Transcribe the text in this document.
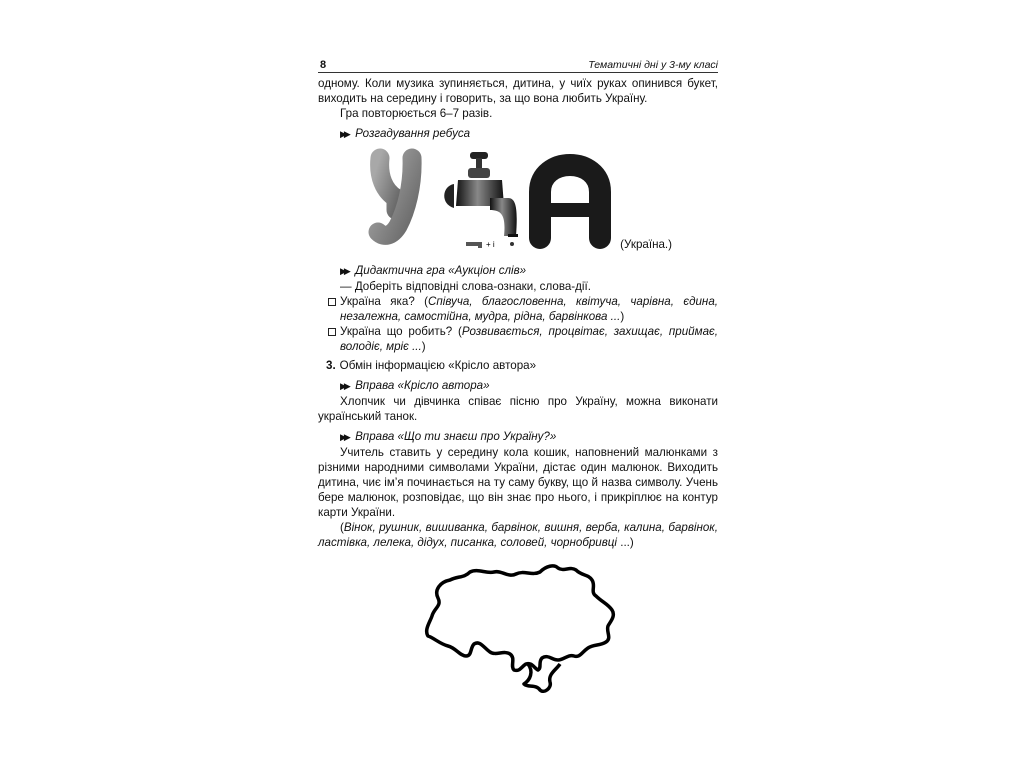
8	Тематичні дні у 3-му класі

одному. Коли музика зупиняється, дитина, у чиїх руках опинився букет, виходить на середину і говорить, за що вона любить Україну.

Гра повторюється 6–7 разів.

▶▶ Розгадування ребуса
+ і	(Україна.)
▶▶ Дидактична гра «Аукціон слів»

— Доберіть відповідні слова-ознаки, слова-дії.

Україна яка? (Співуча, благословенна, квітуча, чарівна, єдина, незалежна, самостійна, мудра, рідна, барвінкова ...)
Україна що робить? (Розвивається, процвітає, захищає, приймає, володіє, мріє ...)
3. Обмін інформацією «Крісло автора»
▶▶ Вправа «Крісло автора»

Хлопчик чи дівчинка співає пісню про Україну, можна виконати український танок.

▶▶ Вправа «Що ти знаєш про Україну?»

Учитель ставить у середину кола кошик, наповнений малюнками з різними народними символами України, дістає один малюнок. Виходить дитина, чиє ім’я починається на ту саму букву, що й назва символу. Учень бере малюнок, розповідає, що він знає про нього, і прикріплює на контур карти України.

(Вінок, рушник, вишиванка, барвінок, вишня, верба, калина, барвінок, ластівка, лелека, дідух, писанка, соловей, чорнобривці ...)
